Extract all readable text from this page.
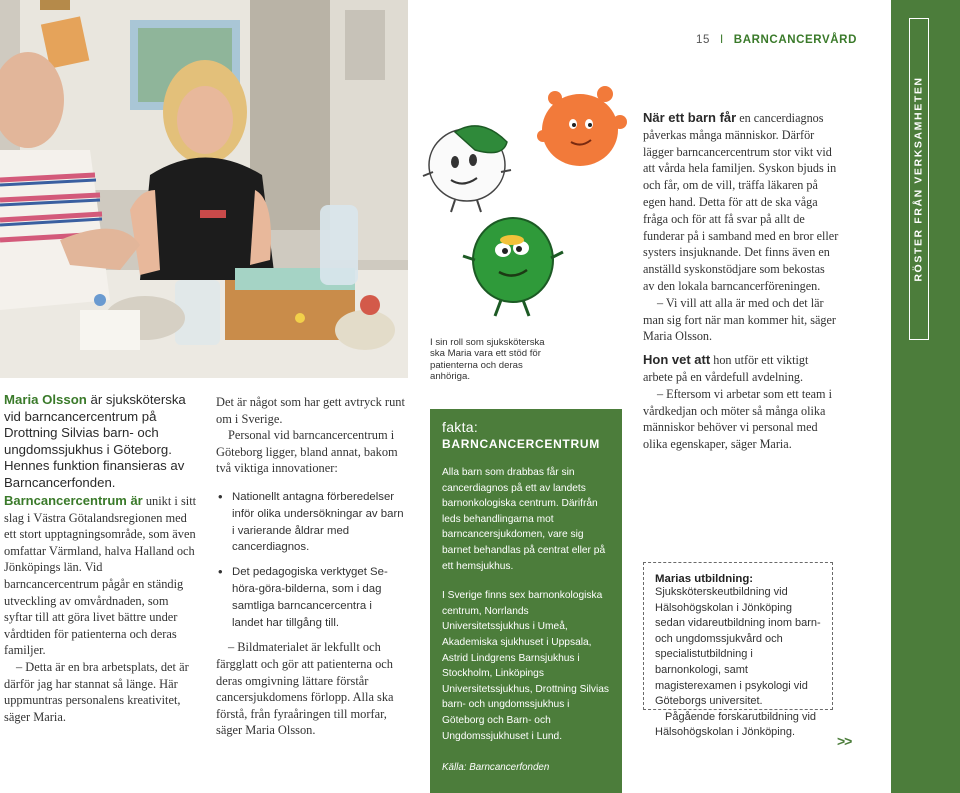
Maria Olsson är sjuksköterska vid barncancercentrum på Drottning Silvias barn- och ungdomssjukhus i Göteborg. Hennes funktion finansieras av Barncancerfonden.

Barncancercentrum är unikt i sitt slag i Västra Götalandsregionen med ett stort upptagningsområde, som även omfattar Värmland, halva Halland och Jönköpings län. Vid barncancercentrum pågår en ständig utveckling av omvårdnaden, som syftar till att göra livet bättre under vårdtiden för patienterna och deras familjer.

– Detta är en bra arbetsplats, det är därför jag har stannat så länge. Här uppmuntras personalens kreativitet, säger Maria.

Det är något som har gett avtryck runt om i Sverige.

Personal vid barncancercentrum i Göteborg ligger, bland annat, bakom två viktiga innovationer:

• Nationellt antagna förberedelser inför olika undersökningar av barn i varierande åldrar med cancerdiagnos.
• Det pedagogiska verktyget Se-höra-göra-bilderna, som i dag samtliga barncancercentra i landet har tillgång till.

– Bildmaterialet är lekfullt och färgglatt och gör att patienterna och deras omgivning lättare förstår cancersjukdomens förlopp. Alla ska förstå, från fyraåringen till morfar, säger Maria Olsson.

I sin roll som sjuksköterska ska Maria vara ett stöd för patienterna och deras anhöriga.
fakta:
BARNCANCERCENTRUM

Alla barn som drabbas får sin cancerdiagnos på ett av landets barnonkologiska centrum. Därifrån leds behandlingarna mot barncancersjukdomen, vare sig barnet behandlas på centrat eller på ett hemsjukhus.

I Sverige finns sex barnonkologiska centrum, Norrlands Universitetssjukhus i Umeå, Akademiska sjukhuset i Uppsala, Astrid Lindgrens Barnsjukhus i Stockholm, Linköpings Universitetssjukhus, Drottning Silvias barn- och ungdomssjukhus i Göteborg och Barn- och Ungdomssjukhuset i Lund.

Källa: Barncancerfonden

15 I BARNCANCERVÅRD

När ett barn får en cancerdiagnos påverkas många människor. Därför lägger barncancercentrum stor vikt vid att vårda hela familjen. Syskon bjuds in och får, om de vill, träffa läkaren på egen hand. Detta för att de ska våga fråga och för att få svar på allt de funderar på i samband med en bror eller systers insjuknande. Det finns även en anställd syskonstödjare som bekostas av den lokala barncancerföreningen.

– Vi vill att alla är med och det lär man sig fort när man kommer hit, säger Maria Olsson.

Hon vet att hon utför ett viktigt arbete på en vårdefull avdelning.

– Eftersom vi arbetar som ett team i vårdkedjan och möter så många olika människor behöver vi personal med olika egenskaper, säger Maria.

Marias utbildning:

Sjuksköterskeutbildning vid Hälsohögskolan i Jönköping sedan vidareutbildning inom barn- och ungdomssjukvård och specialistutbildning i barnonkologi, samt magisterexamen i psykologi vid Göteborgs universitet.

Pågående forskarutbildning vid Hälsohögskolan i Jönköping.

>>
RÖSTER FRÅN VERKSAMHETEN
